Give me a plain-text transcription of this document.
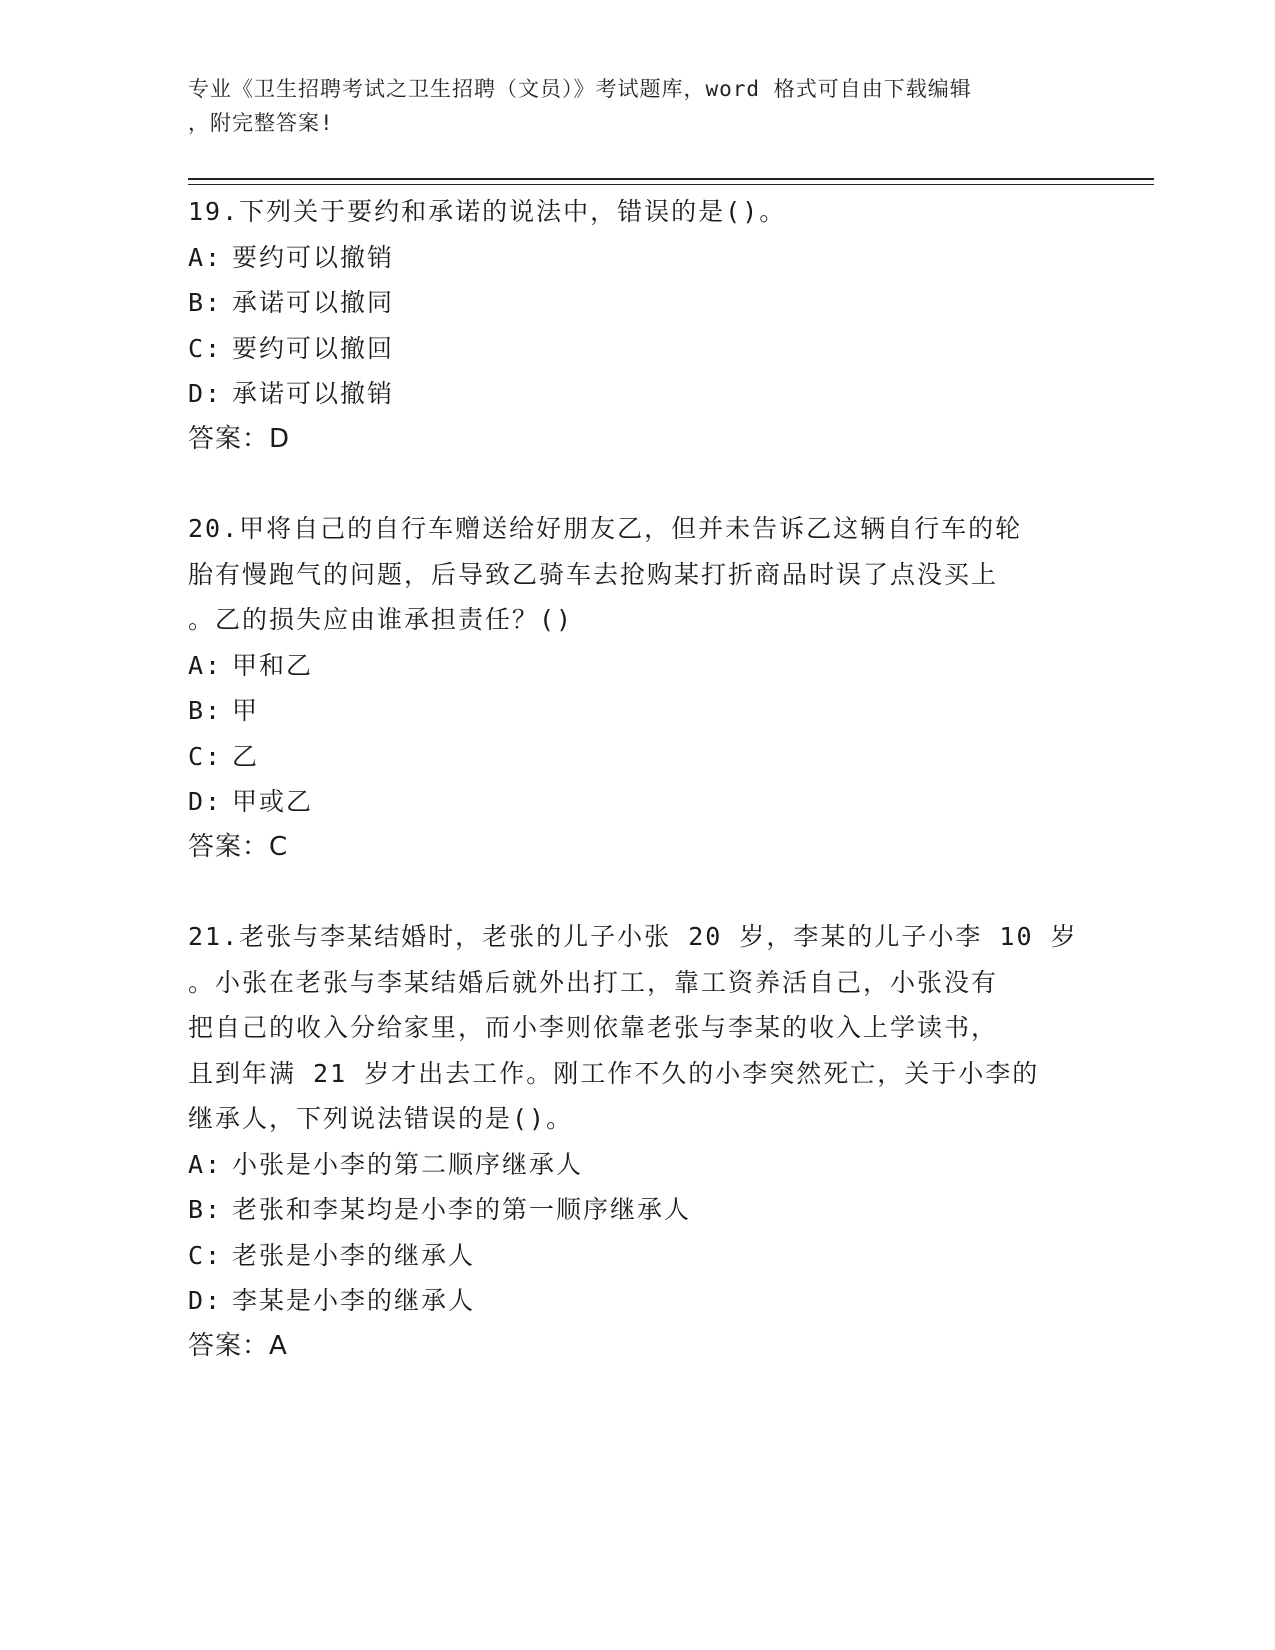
专业《卫生招聘考试之卫生招聘（文员）》考试题库，word 格式可自由下载编辑
，附完整答案!

19.下列关于要约和承诺的说法中，错误的是()。

A: 要约可以撤销

B: 承诺可以撤同

C: 要约可以撤回

D: 承诺可以撤销

答案：D

20.甲将自己的自行车赠送给好朋友乙，但并未告诉乙这辆自行车的轮

胎有慢跑气的问题，后导致乙骑车去抢购某打折商品时误了点没买上

。乙的损失应由谁承担责任？()

A: 甲和乙

B: 甲

C: 乙

D: 甲或乙

答案：C

21.老张与李某结婚时，老张的儿子小张 20 岁，李某的儿子小李 10 岁

。小张在老张与李某结婚后就外出打工，靠工资养活自己，小张没有

把自己的收入分给家里，而小李则依靠老张与李某的收入上学读书，

且到年满 21 岁才出去工作。刚工作不久的小李突然死亡，关于小李的

继承人，下列说法错误的是()。

A: 小张是小李的第二顺序继承人

B: 老张和李某均是小李的第一顺序继承人

C: 老张是小李的继承人

D: 李某是小李的继承人

答案：A
